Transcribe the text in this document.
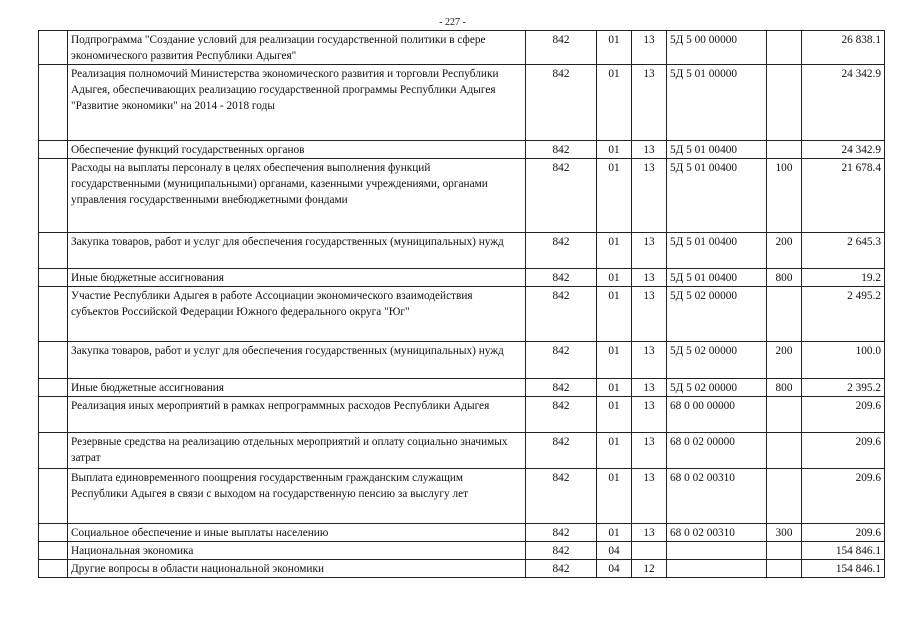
- 227 -
	Подпрограмма "Создание условий для реализации государственной политики в сфере экономического развития Республики Адыгея"	842	01	13	5Д 5 00 00000		26 838.1
	Реализация полномочий Министерства экономического развития и торговли Республики Адыгея, обеспечивающих реализацию государственной программы Республики Адыгея "Развитие экономики" на 2014 - 2018 годы	842	01	13	5Д 5 01 00000		24 342.9
	Обеспечение функций государственных органов	842	01	13	5Д 5 01 00400		24 342.9
	Расходы на выплаты персоналу в целях обеспечения выполнения функций государственными (муниципальными) органами, казенными учреждениями, органами управления государственными внебюджетными фондами	842	01	13	5Д 5 01 00400	100	21 678.4
	Закупка товаров, работ и услуг для обеспечения государственных (муниципальных) нужд	842	01	13	5Д 5 01 00400	200	2 645.3
	Иные бюджетные ассигнования	842	01	13	5Д 5 01 00400	800	19.2
	Участие Республики Адыгея в работе Ассоциации экономического взаимодействия субъектов Российской Федерации Южного федерального округа "Юг"	842	01	13	5Д 5 02 00000		2 495.2
	Закупка товаров, работ и услуг для обеспечения государственных (муниципальных) нужд	842	01	13	5Д 5 02 00000	200	100.0
	Иные бюджетные ассигнования	842	01	13	5Д 5 02 00000	800	2 395.2
	Реализация иных мероприятий в рамках непрограммных расходов Республики Адыгея	842	01	13	68 0 00 00000		209.6
	Резервные средства на реализацию отдельных мероприятий и оплату социально значимых затрат	842	01	13	68 0 02 00000		209.6
	Выплата единовременного поощрения государственным гражданским служащим Республики Адыгея в связи с выходом на государственную пенсию за выслугу лет	842	01	13	68 0 02 00310		209.6
	Социальное обеспечение и иные выплаты населению	842	01	13	68 0 02 00310	300	209.6
	Национальная экономика	842	04				154 846.1
	Другие вопросы в области национальной экономики	842	04	12			154 846.1
